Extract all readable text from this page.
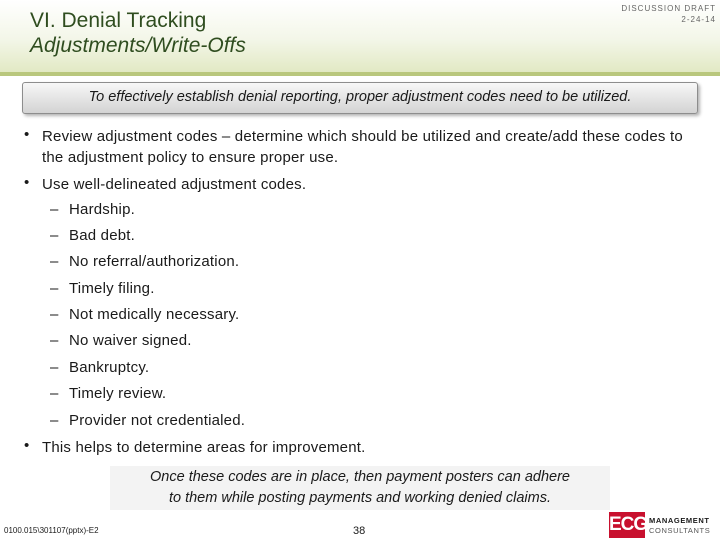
VI. Denial Tracking
Adjustments/Write-Offs
DISCUSSION DRAFT
2-24-14
To effectively establish denial reporting, proper adjustment codes need to be utilized.
• Review adjustment codes – determine which should be utilized and create/add these codes to the adjustment policy to ensure proper use.
• Use well-delineated adjustment codes.
– Hardship.
– Bad debt.
– No referral/authorization.
– Timely filing.
– Not medically necessary.
– No waiver signed.
– Bankruptcy.
– Timely review.
– Provider not credentialed.
• This helps to determine areas for improvement.
Once these codes are in place, then payment posters can adhere
to them while posting payments and working denied claims.
0100.015\301107(pptx)-E2	38	ECG MANAGEMENT
CONSULTANTS
